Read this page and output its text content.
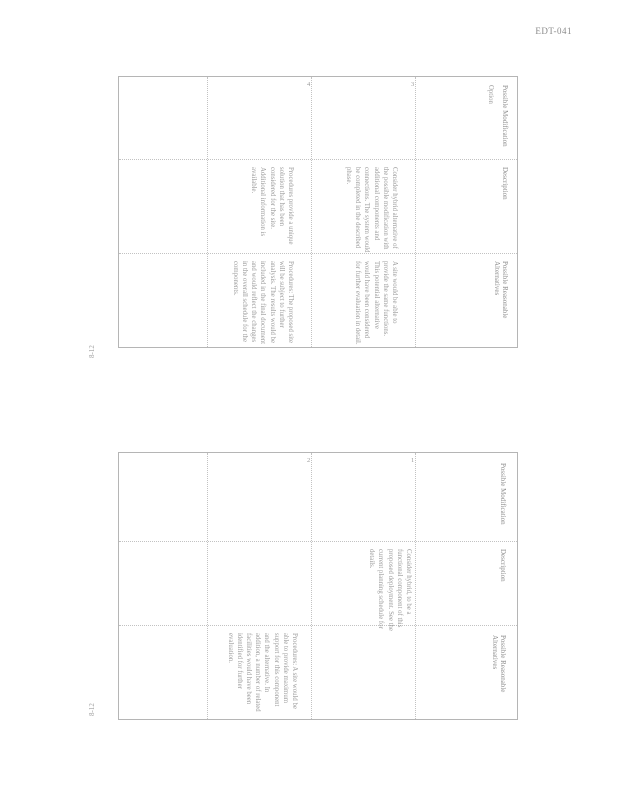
EDT-041
8-12
Possible Modification
Description
Possible Reasonable Alternatives
1
2
Consider hybrid, to be a functional component of this proposed deployment. See the current planning schedule for details.
Procedures: A site would be able to provide maximum support for this component and the alternative. In addition, a number of related facilities would have been identified for further evaluation.
8-12
Possible Modification
Description
Possible Reasonable Alternatives
3
4
Option
Consider hybrid alternative of the possible modification with additional components and connections. The system would be completed in the described phase.
A site would be able to provide the same functions. This potential alternative would have been considered for further evaluation in detail.
Procedures provide a unique solution that has been considered for the site. Additional information is available.
Procedures: The proposed site will be subject to further analysis. The results would be included in the final document and would reflect the changes in the overall schedule for the components.
